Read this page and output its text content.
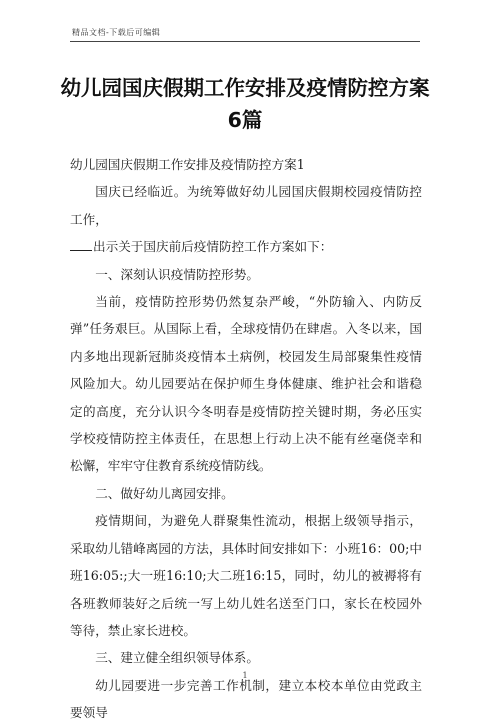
精品文档-下载后可编辑
幼儿园国庆假期工作安排及疫情防控方案
6篇

幼儿园国庆假期工作安排及疫情防控方案1

国庆已经临近。为统筹做好幼儿园国庆假期校园疫情防控工作，

出示关于国庆前后疫情防控工作方案如下：

一、深刻认识疫情防控形势。

当前，疫情防控形势仍然复杂严峻，“外防输入、内防反弹”任务艰巨。从国际上看，全球疫情仍在肆虐。入冬以来，国内多地出现新冠肺炎疫情本土病例，校园发生局部聚集性疫情风险加大。幼儿园要站在保护师生身体健康、维护社会和谐稳定的高度，充分认识今冬明春是疫情防控关键时期，务必压实学校疫情防控主体责任，在思想上行动上决不能有丝毫侥幸和松懈，牢牢守住教育系统疫情防线。

二、做好幼儿离园安排。

疫情期间，为避免人群聚集性流动，根据上级领导指示，采取幼儿错峰离园的方法，具体时间安排如下：小班16：00;中班16:05:;大一班16:10;大二班16:15，同时，幼儿的被褥将有各班教师装好之后统一写上幼儿姓名送至门口，家长在校园外等待，禁止家长进校。

三、建立健全组织领导体系。

幼儿园要进一步完善工作机制，建立本校本单位由党政主要领导

1
